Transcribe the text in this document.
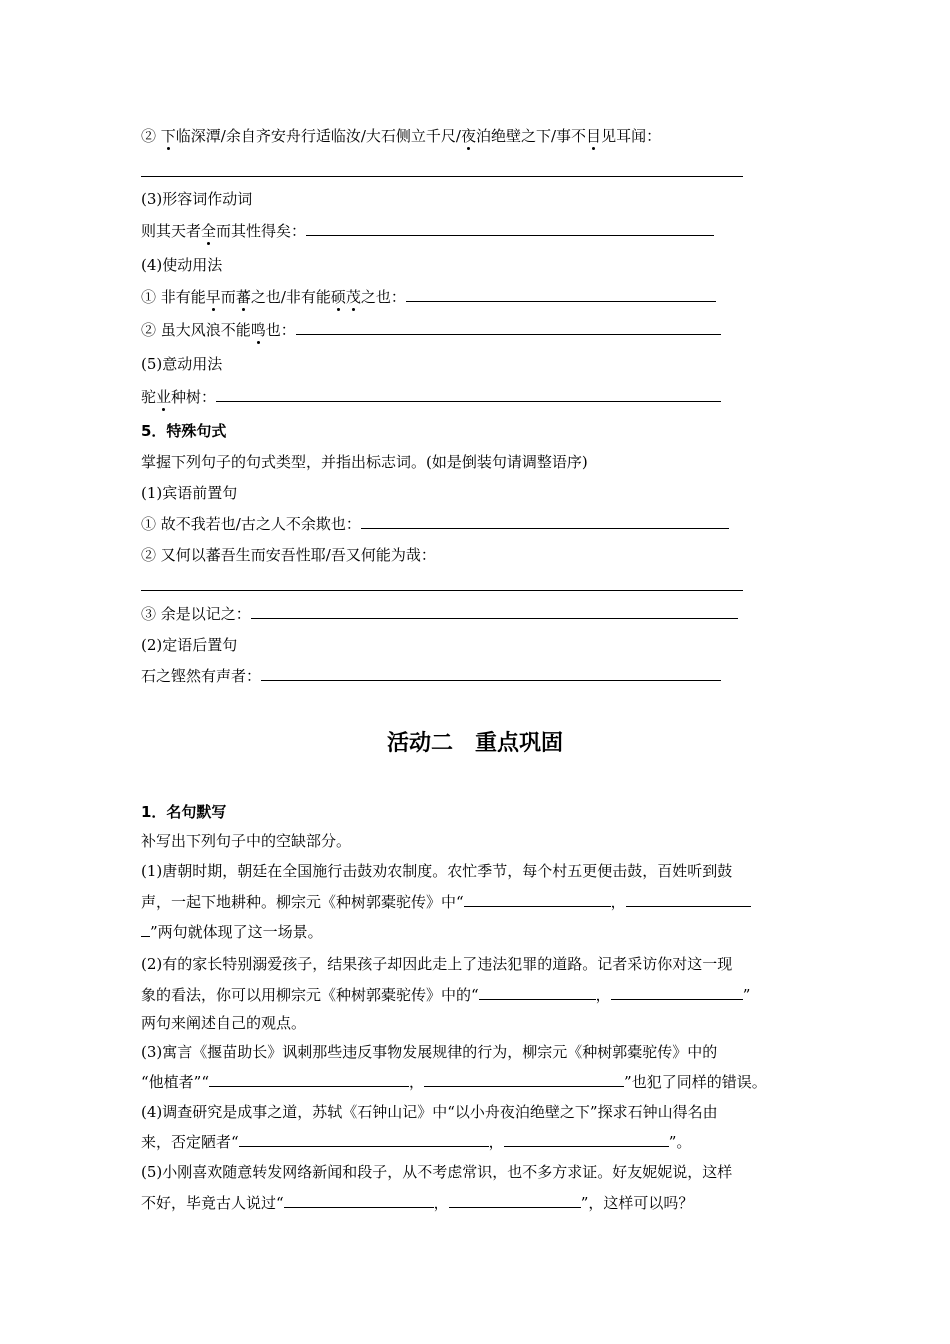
② 下临深潭/余自齐安舟行适临汝/大石侧立千尺/夜泊绝壁之下/事不目见耳闻：
(3)形容词作动词
则其天者全而其性得矣：
(4)使动用法
① 非有能早而蕃之也/非有能硕茂之也：
② 虽大风浪不能鸣也：
(5)意动用法
驼业种树：
5．特殊句式
掌握下列句子的句式类型，并指出标志词。(如是倒装句请调整语序)
(1)宾语前置句
① 故不我若也/古之人不余欺也：
② 又何以蕃吾生而安吾性耶/吾又何能为哉：
③ 余是以记之：
(2)定语后置句
石之铿然有声者：
活动二　重点巩固
1．名句默写
补写出下列句子中的空缺部分。
(1)唐朝时期，朝廷在全国施行击鼓劝农制度。农忙季节，每个村五更便击鼓，百姓听到鼓
声，一起下地耕种。柳宗元《种树郭橐驼传》中“	，
”两句就体现了这一场景。
(2)有的家长特别溺爱孩子，结果孩子却因此走上了违法犯罪的道路。记者采访你对这一现
象的看法，你可以用柳宗元《种树郭橐驼传》中的“	，	”
两句来阐述自己的观点。
(3)寓言《揠苗助长》讽刺那些违反事物发展规律的行为，柳宗元《种树郭橐驼传》中的
“他植者”“	，	”也犯了同样的错误。
(4)调查研究是成事之道，苏轼《石钟山记》中“以小舟夜泊绝壁之下”探求石钟山得名由
来，否定陋者“	，	”。
(5)小刚喜欢随意转发网络新闻和段子，从不考虑常识，也不多方求证。好友妮妮说，这样
不好，毕竟古人说过“	，	”，这样可以吗？
